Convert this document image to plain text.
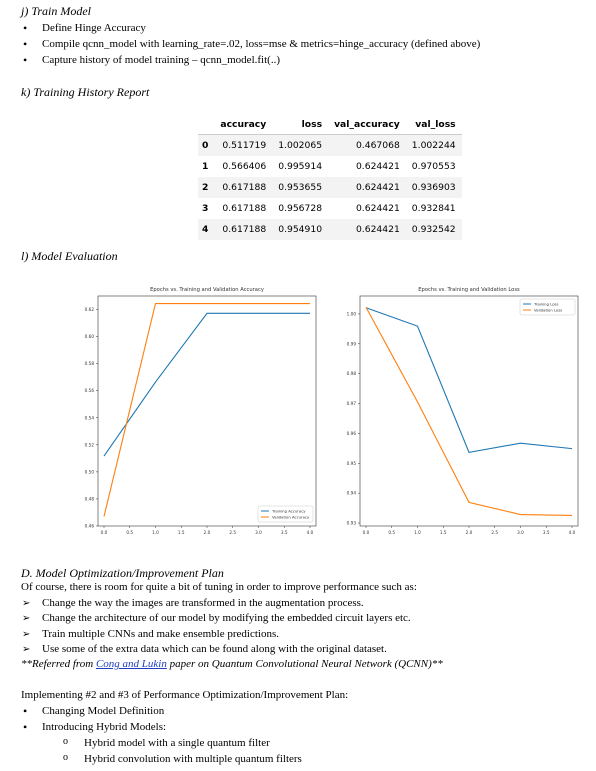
j) Train Model
• Define Hinge Accuracy
• Compile qcnn_model with learning_rate=.02, loss=mse & metrics=hinge_accuracy (defined above)
• Capture history of model training – qcnn_model.fit(..)
k) Training History Report
	accuracy	loss	val_accuracy	val_loss
0	0.511719	1.002065	0.467068	1.002244
1	0.566406	0.995914	0.624421	0.970553
2	0.617188	0.953655	0.624421	0.936903
3	0.617188	0.956728	0.624421	0.932841
4	0.617188	0.954910	0.624421	0.932542
l) Model Evaluation
Epochs vs. Training and Validation Accuracy
0.46
0.48
0.50
0.52
0.54
0.56
0.58
0.60
0.62
0.0	0.5	1.0	1.5	2.0	2.5	3.0	3.5	4.0
Training Accuracy
Validation Accuracy
Epochs vs. Training and Validation Loss
0.93
0.94
0.95
0.96
0.97
0.98
0.99
1.00
0.0	0.5	1.0	1.5	2.0	2.5	3.0	3.5	4.0
Training Loss
Validation Loss
D. Model Optimization/Improvement Plan
Of course, there is room for quite a bit of tuning in order to improve performance such as:
➢ Change the way the images are transformed in the augmentation process.
➢ Change the architecture of our model by modifying the embedded circuit layers etc.
➢ Train multiple CNNs and make ensemble predictions.
➢ Use some of the extra data which can be found along with the original dataset.
**Referred from Cong and Lukin paper on Quantum Convolutional Neural Network (QCNN)**
Implementing #2 and #3 of Performance Optimization/Improvement Plan:
• Changing Model Definition
• Introducing Hybrid Models:
o Hybrid model with a single quantum filter
o Hybrid convolution with multiple quantum filters
